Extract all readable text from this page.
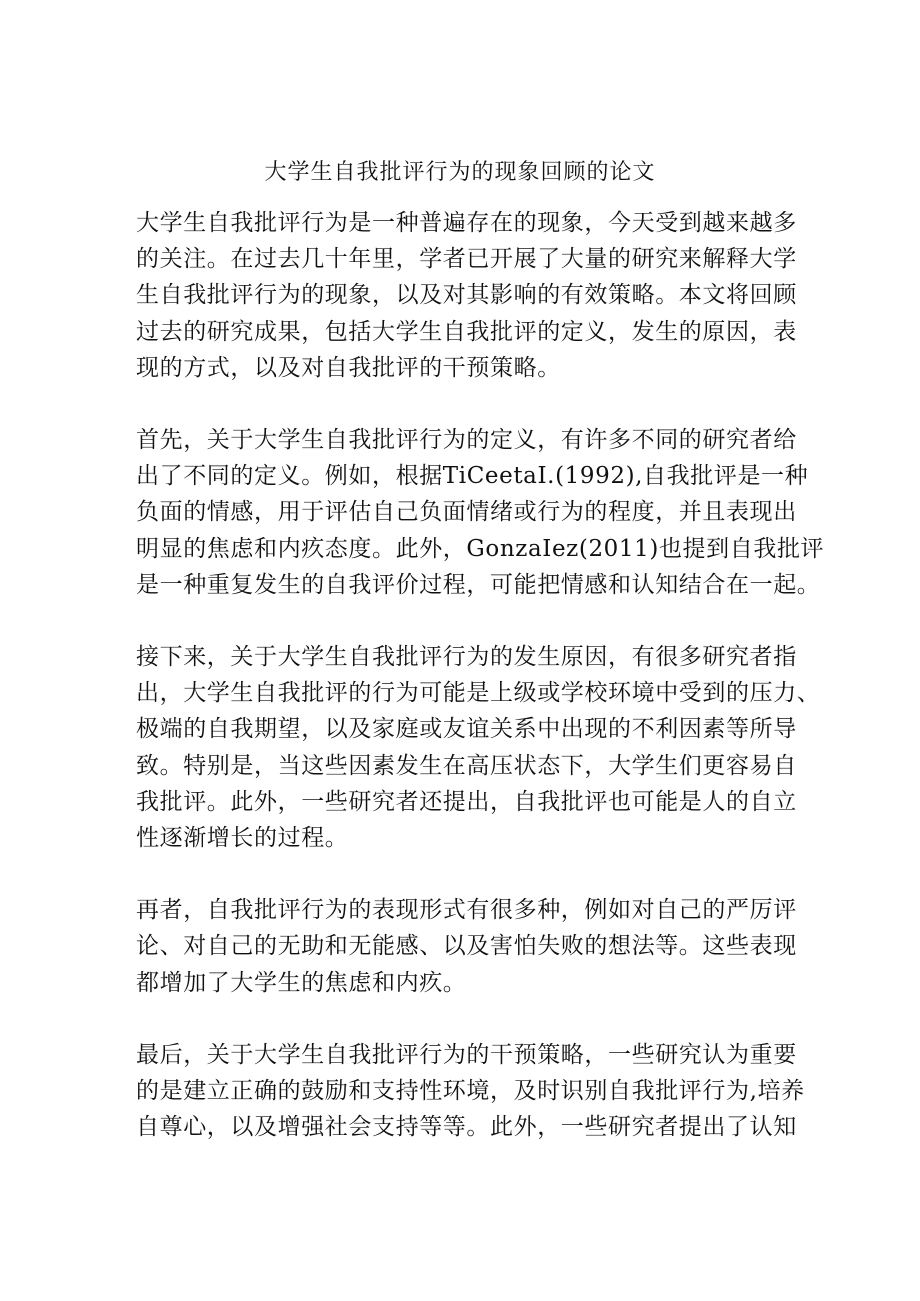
大学生自我批评行为的现象回顾的论文

大学生自我批评行为是一种普遍存在的现象，今天受到越来越多
的关注。在过去几十年里，学者已开展了大量的研究来解释大学
生自我批评行为的现象，以及对其影响的有效策略。本文将回顾
过去的研究成果，包括大学生自我批评的定义，发生的原因，表
现的方式，以及对自我批评的干预策略。

首先，关于大学生自我批评行为的定义，有许多不同的研究者给
出了不同的定义。例如，根据TiCeetaI.(1992),自我批评是一种
负面的情感，用于评估自己负面情绪或行为的程度，并且表现出
明显的焦虑和内疚态度。此外，GonzaIez(2011)也提到自我批评
是一种重复发生的自我评价过程，可能把情感和认知结合在一起。

接下来，关于大学生自我批评行为的发生原因，有很多研究者指
出，大学生自我批评的行为可能是上级或学校环境中受到的压力、
极端的自我期望，以及家庭或友谊关系中出现的不利因素等所导
致。特别是，当这些因素发生在高压状态下，大学生们更容易自
我批评。此外，一些研究者还提出，自我批评也可能是人的自立
性逐渐增长的过程。

再者，自我批评行为的表现形式有很多种，例如对自己的严厉评
论、对自己的无助和无能感、以及害怕失败的想法等。这些表现
都增加了大学生的焦虑和内疚。

最后，关于大学生自我批评行为的干预策略，一些研究认为重要
的是建立正确的鼓励和支持性环境，及时识别自我批评行为,培养
自尊心，以及增强社会支持等等。此外，一些研究者提出了认知
